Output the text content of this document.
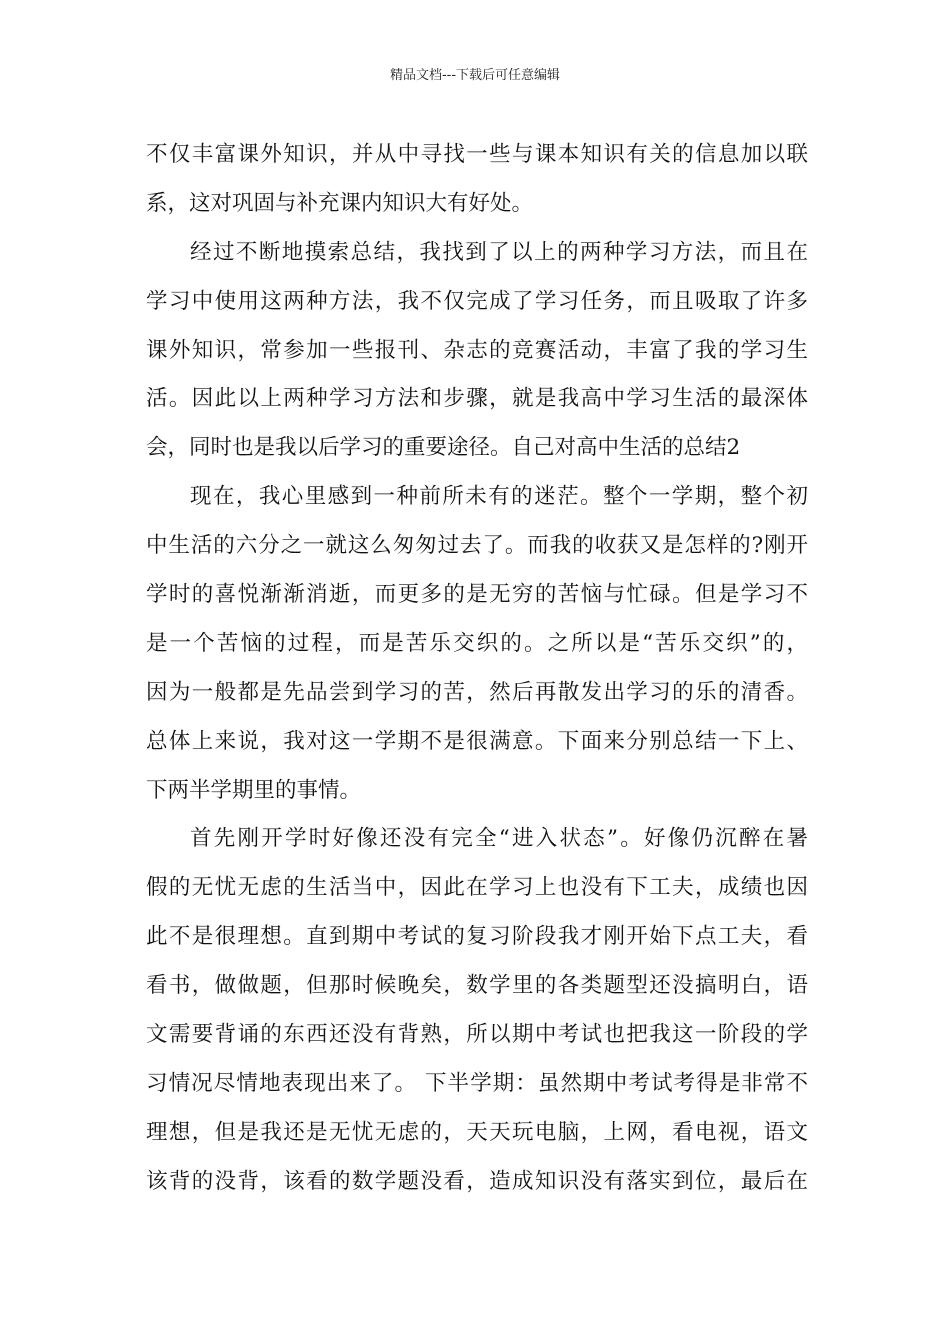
精品文档---下载后可任意编辑
不仅丰富课外知识，并从中寻找一些与课本知识有关的信息加以联
系，这对巩固与补充课内知识大有好处。
经过不断地摸索总结，我找到了以上的两种学习方法，而且在
学习中使用这两种方法，我不仅完成了学习任务，而且吸取了许多
课外知识，常参加一些报刊、杂志的竞赛活动，丰富了我的学习生
活。因此以上两种学习方法和步骤，就是我高中学习生活的最深体
会，同时也是我以后学习的重要途径。自己对高中生活的总结2
现在，我心里感到一种前所未有的迷茫。整个一学期，整个初
中生活的六分之一就这么匆匆过去了。而我的收获又是怎样的?刚开
学时的喜悦渐渐消逝，而更多的是无穷的苦恼与忙碌。但是学习不
是一个苦恼的过程，而是苦乐交织的。之所以是“苦乐交织”的，
因为一般都是先品尝到学习的苦，然后再散发出学习的乐的清香。
总体上来说，我对这一学期不是很满意。下面来分别总结一下上、
下两半学期里的事情。
首先刚开学时好像还没有完全“进入状态”。好像仍沉醉在暑
假的无忧无虑的生活当中，因此在学习上也没有下工夫，成绩也因
此不是很理想。直到期中考试的复习阶段我才刚开始下点工夫，看
看书，做做题，但那时候晚矣，数学里的各类题型还没搞明白，语
文需要背诵的东西还没有背熟，所以期中考试也把我这一阶段的学
习情况尽情地表现出来了。 下半学期：虽然期中考试考得是非常不
理想，但是我还是无忧无虑的，天天玩电脑，上网，看电视，语文
该背的没背，该看的数学题没看，造成知识没有落实到位，最后在
